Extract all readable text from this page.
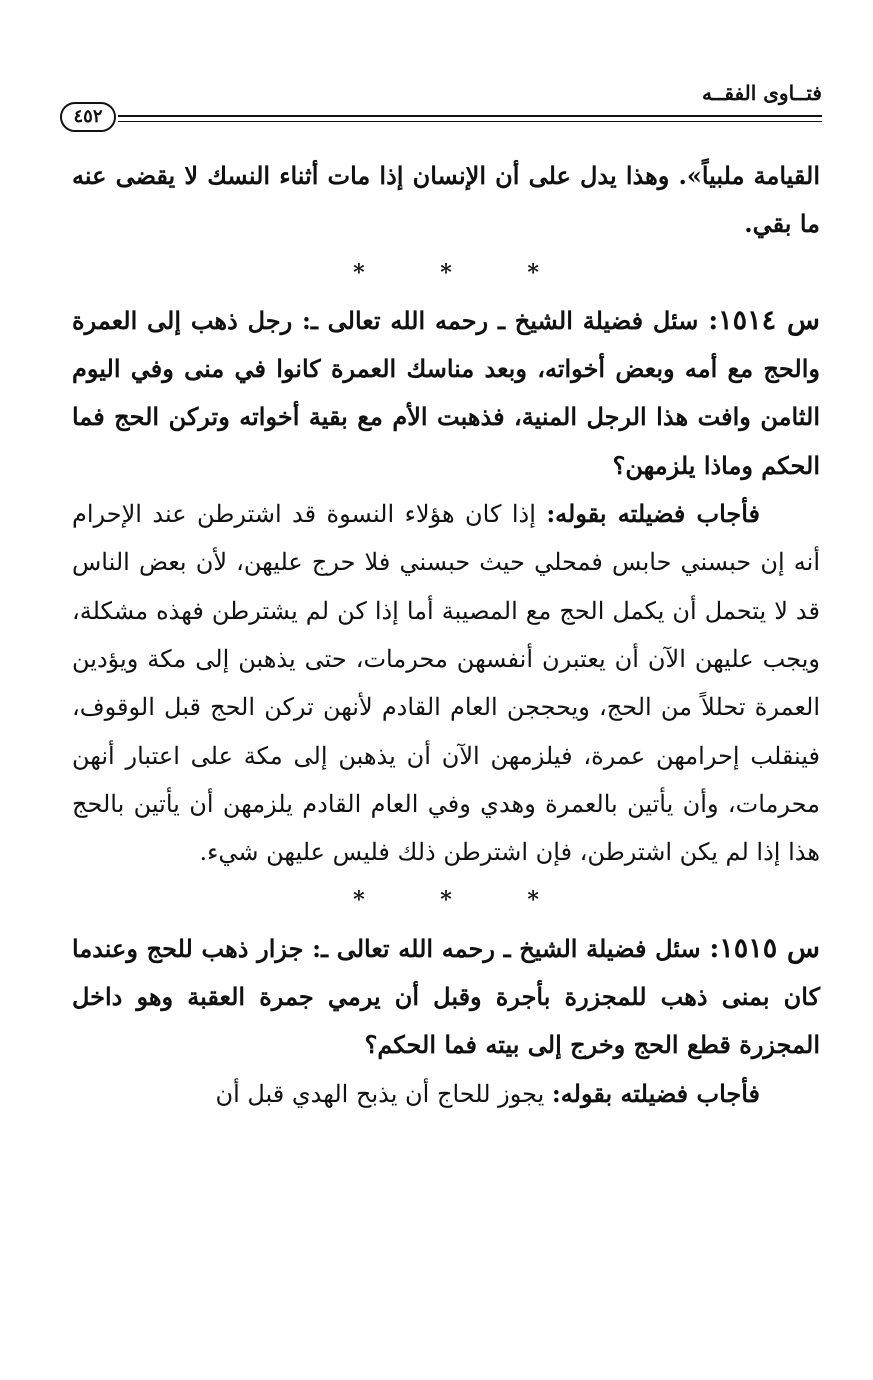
فتــاوى الفقــه
٤٥٢

القيامة ملبياً». وهذا يدل على أن الإنسان إذا مات أثناء النسك لا يقضى عنه ما بقي.

* * *

س ١٥١٤: سئل فضيلة الشيخ ـ رحمه الله تعالى ـ: رجل ذهب إلى العمرة والحج مع أمه وبعض أخواته، وبعد مناسك العمرة كانوا في منى وفي اليوم الثامن وافت هذا الرجل المنية، فذهبت الأم مع بقية أخواته وتركن الحج فما الحكم وماذا يلزمهن؟

فأجاب فضيلته بقوله: إذا كان هؤلاء النسوة قد اشترطن عند الإحرام أنه إن حبسني حابس فمحلي حيث حبسني فلا حرج عليهن، لأن بعض الناس قد لا يتحمل أن يكمل الحج مع المصيبة أما إذا كن لم يشترطن فهذه مشكلة، ويجب عليهن الآن أن يعتبرن أنفسهن محرمات، حتى يذهبن إلى مكة ويؤدين العمرة تحللاً من الحج، ويحججن العام القادم لأنهن تركن الحج قبل الوقوف، فينقلب إحرامهن عمرة، فيلزمهن الآن أن يذهبن إلى مكة على اعتبار أنهن محرمات، وأن يأتين بالعمرة وهدي وفي العام القادم يلزمهن أن يأتين بالحج هذا إذا لم يكن اشترطن، فإن اشترطن ذلك فليس عليهن شيء.

* * *

س ١٥١٥: سئل فضيلة الشيخ ـ رحمه الله تعالى ـ: جزار ذهب للحج وعندما كان بمنى ذهب للمجزرة بأجرة وقبل أن يرمي جمرة العقبة وهو داخل المجزرة قطع الحج وخرج إلى بيته فما الحكم؟

فأجاب فضيلته بقوله: يجوز للحاج أن يذبح الهدي قبل أن
